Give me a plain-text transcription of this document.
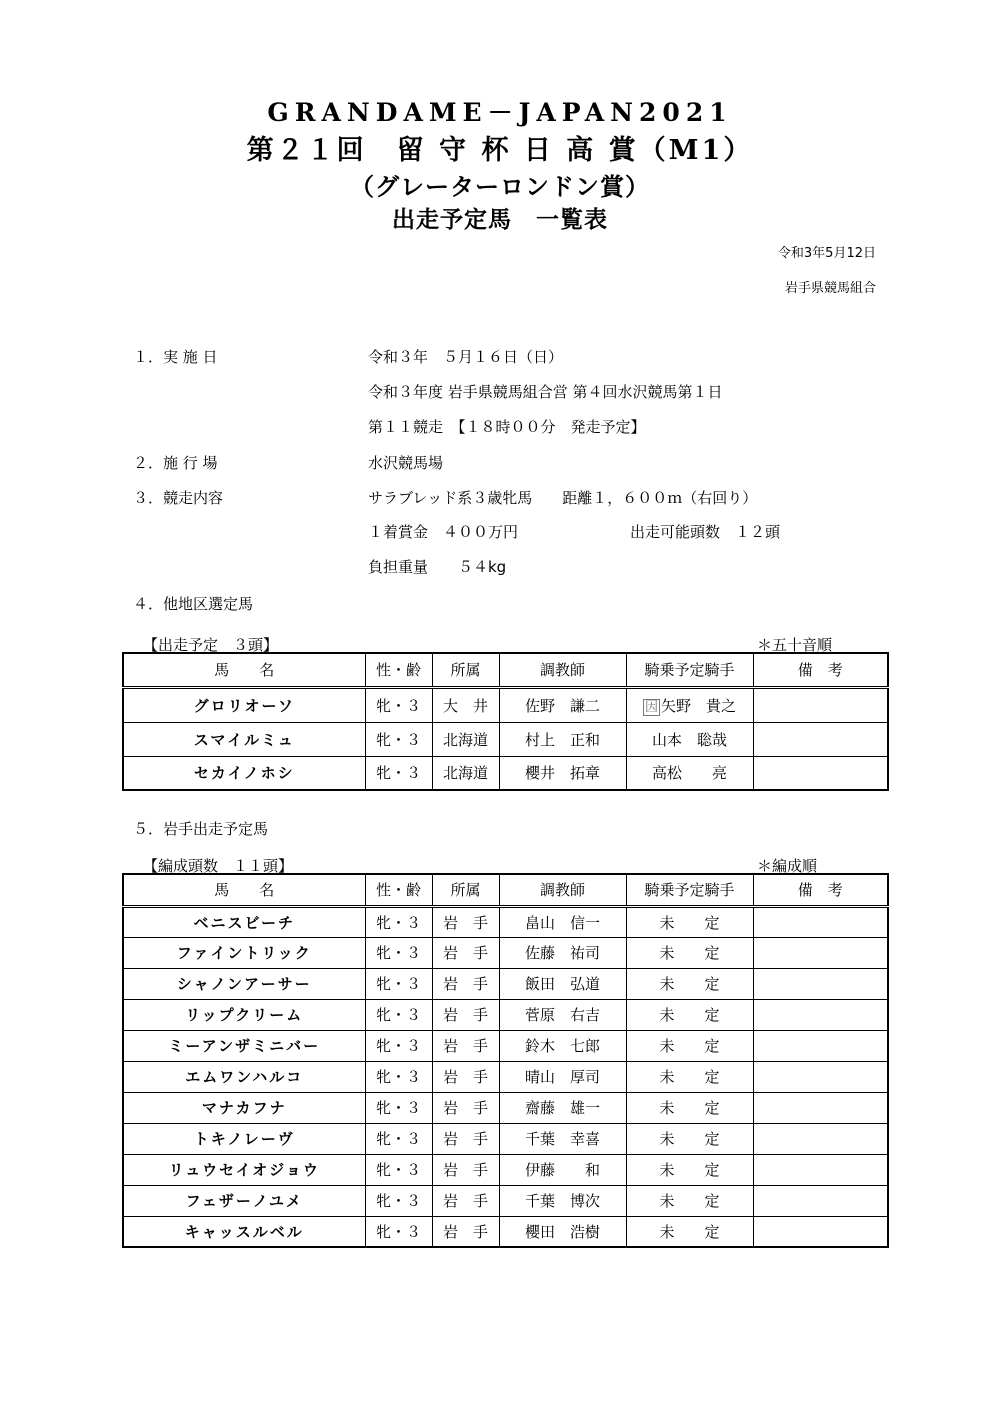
GRANDAME－JAPAN2021
第２１回　留 守 杯 日 高 賞（M1）
（グレーターロンドン賞）
出走予定馬　一覧表
令和3年5月12日
岩手県競馬組合
１．実 施 日	令和３年　５月１６日（日）
令和３年度 岩手県競馬組合営 第４回水沢競馬第１日
第１１競走　【１８時００分　発走予定】
２．施 行 場	水沢競馬場
３．競走内容	サラブレッド系３歳牝馬　　距離１，６００ｍ（右回り）
１着賞金　４００万円	出走可能頭数　１２頭
負担重量　　５４kg
４．他地区選定馬
【出走予定　３頭】	＊五十音順
馬　　名	性・齢	所属	調教師	騎乗予定騎手	備　考
グロリオーソ	牝・３	大　井	佐野　謙二	因 矢野　貴之	
スマイルミュ	牝・３	北海道	村上　正和	山本　聡哉	
セカイノホシ	牝・３	北海道	櫻井　拓章	高松　　亮	
５．岩手出走予定馬
【編成頭数　１１頭】	＊編成順
馬　　名	性・齢	所属	調教師	騎乗予定騎手	備　考
ベニスビーチ	牝・３	岩　手	畠山　信一	未　　定	
ファイントリック	牝・３	岩　手	佐藤　祐司	未　　定	
シャノンアーサー	牝・３	岩　手	飯田　弘道	未　　定	
リップクリーム	牝・３	岩　手	菅原　右吉	未　　定	
ミーアンザミニバー	牝・３	岩　手	鈴木　七郎	未　　定	
エムワンハルコ	牝・３	岩　手	晴山　厚司	未　　定	
マナカフナ	牝・３	岩　手	齋藤　雄一	未　　定	
トキノレーヴ	牝・３	岩　手	千葉　幸喜	未　　定	
リュウセイオジョウ	牝・３	岩　手	伊藤　　和	未　　定	
フェザーノユメ	牝・３	岩　手	千葉　博次	未　　定	
キャッスルベル	牝・３	岩　手	櫻田　浩樹	未　　定	
